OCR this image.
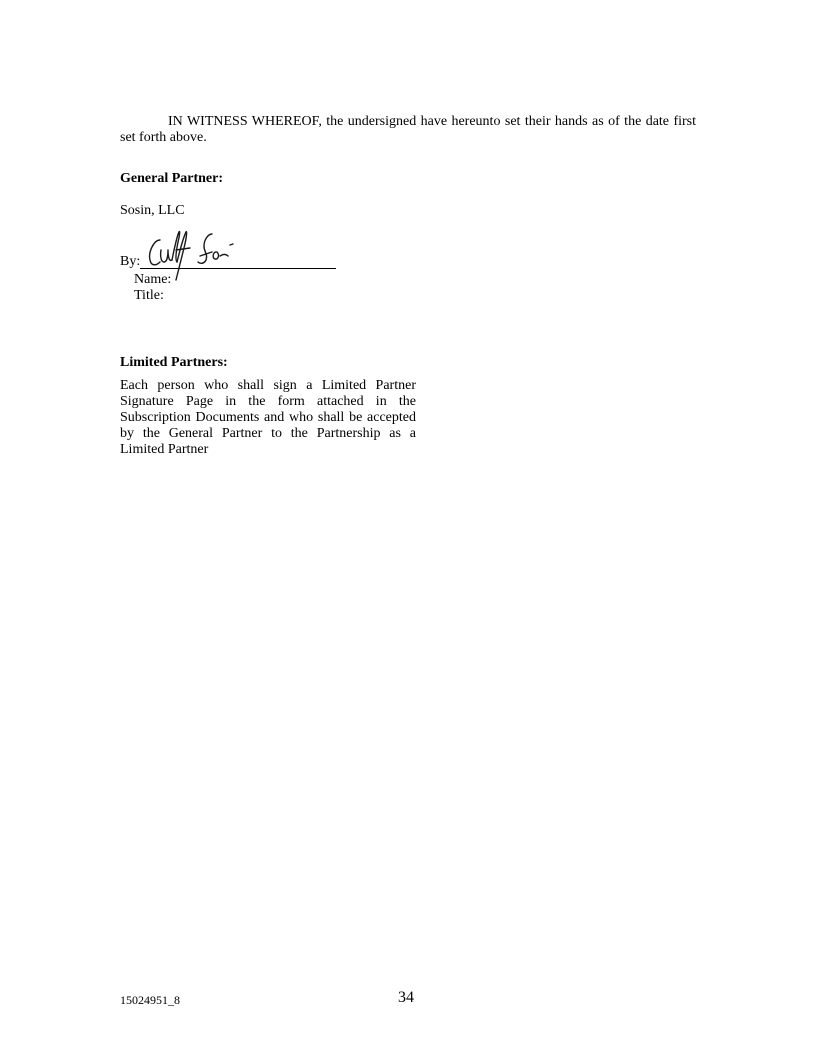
IN WITNESS WHEREOF, the undersigned have hereunto set their hands as of the date first set forth above.

General Partner:

Sosin, LLC

By:

Name:

Title:

Limited Partners:

Each person who shall sign a Limited Partner Signature Page in the form attached in the Subscription Documents and who shall be accepted by the General Partner to the Partnership as a Limited Partner

15024951_8	34
